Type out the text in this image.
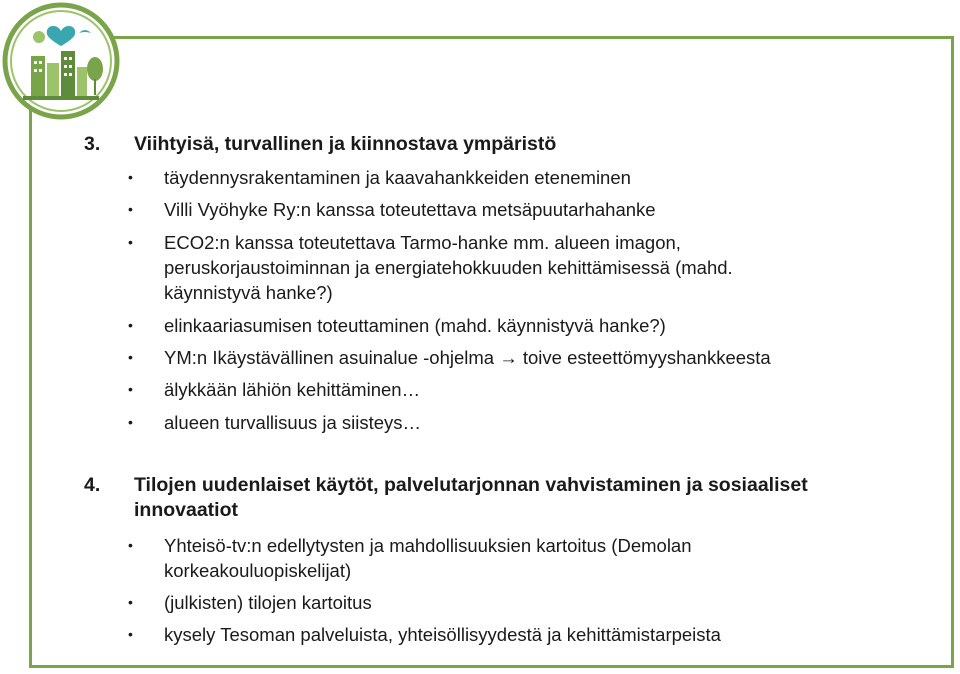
3. Viihtyisä, turvallinen ja kiinnostava ympäristö
• täydennysrakentaminen ja kaavahankkeiden eteneminen
• Villi Vyöhyke Ry:n kanssa toteutettava metsäpuutarhahanke
• ECO2:n kanssa toteutettava Tarmo-hanke mm. alueen imagon, peruskorjaustoiminnan ja energiatehokkuuden kehittämisessä (mahd. käynnistyvä hanke?)
• elinkaariasumisen toteuttaminen (mahd. käynnistyvä hanke?)
• YM:n Ikäystävällinen asuinalue -ohjelma → toive esteettömyyshankkeesta
• älykkään lähiön kehittäminen…
• alueen turvallisuus ja siisteys…
4. Tilojen uudenlaiset käytöt, palvelutarjonnan vahvistaminen ja sosiaaliset innovaatiot
• Yhteisö-tv:n edellytysten ja mahdollisuuksien kartoitus (Demolan korkeakouluopiskelijat)
• (julkisten) tilojen kartoitus
• kysely Tesoman palveluista, yhteisöllisyydestä ja kehittämistarpeista
